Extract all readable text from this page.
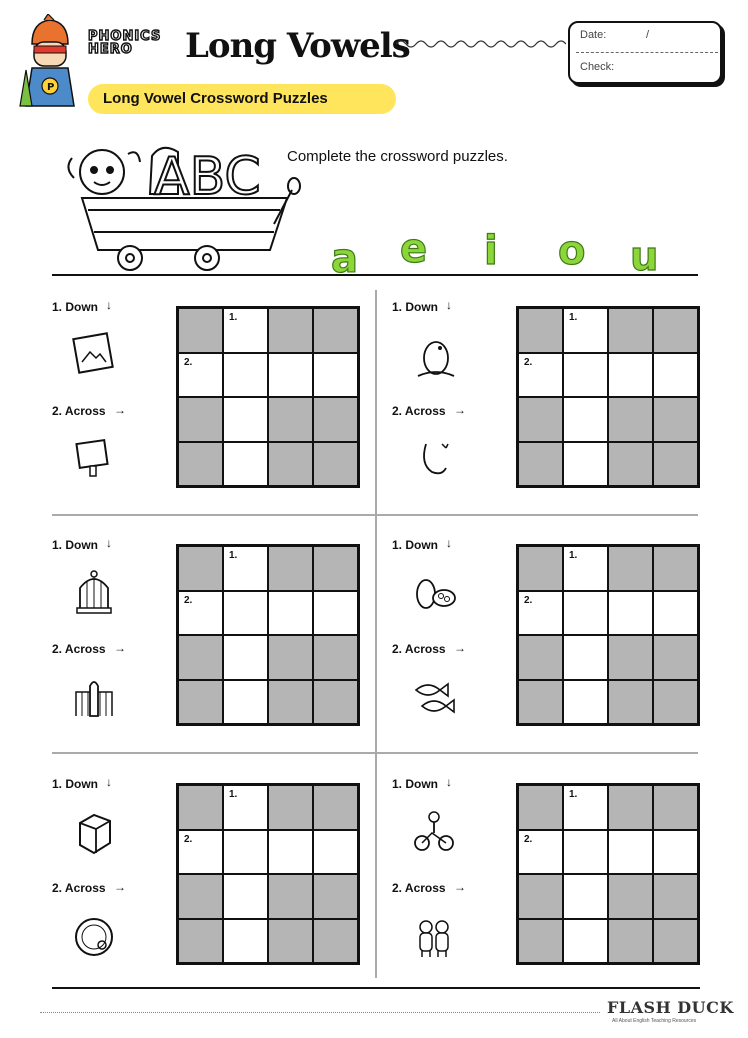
P
PHONICS
HERO	Long Vowels	Date:	/
Check:
Long Vowel Crossword Puzzles
ABC Complete the crossword puzzles.
a e i o u
1. Down ↓
2. Across →
1.
2.
1. Down ↓
2. Across →
1.
2.
1. Down ↓
2. Across →
1.
2.
1. Down ↓
2. Across →
1.
2.
1. Down ↓
2. Across →
1.
2.
1. Down ↓
2. Across →
1.
2.
FLASH DUCK
All About English Teaching Resources
